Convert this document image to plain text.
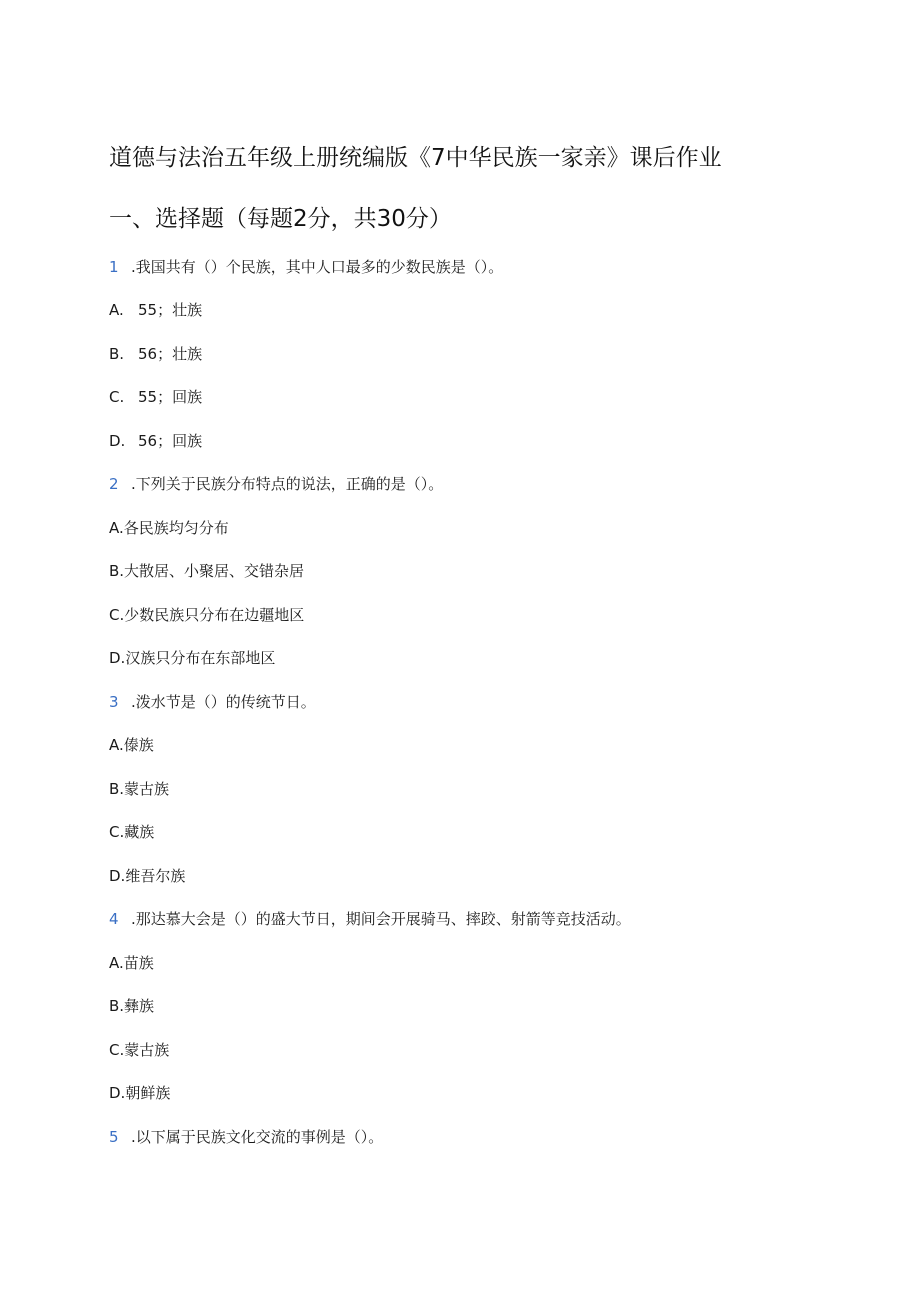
道德与法治五年级上册统编版《7中华民族一家亲》课后作业
一、选择题（每题2分，共30分）
1 .我国共有（）个民族，其中人口最多的少数民族是（）。
A. 55；壮族
B. 56；壮族
C. 55；回族
D. 56；回族
2 .下列关于民族分布特点的说法，正确的是（）。
A.各民族均匀分布
B.大散居、小聚居、交错杂居
C.少数民族只分布在边疆地区
D.汉族只分布在东部地区
3 .泼水节是（）的传统节日。
A.傣族
B.蒙古族
C.藏族
D.维吾尔族
4 .那达慕大会是（）的盛大节日，期间会开展骑马、摔跤、射箭等竞技活动。
A.苗族
B.彝族
C.蒙古族
D.朝鲜族
5 .以下属于民族文化交流的事例是（）。
